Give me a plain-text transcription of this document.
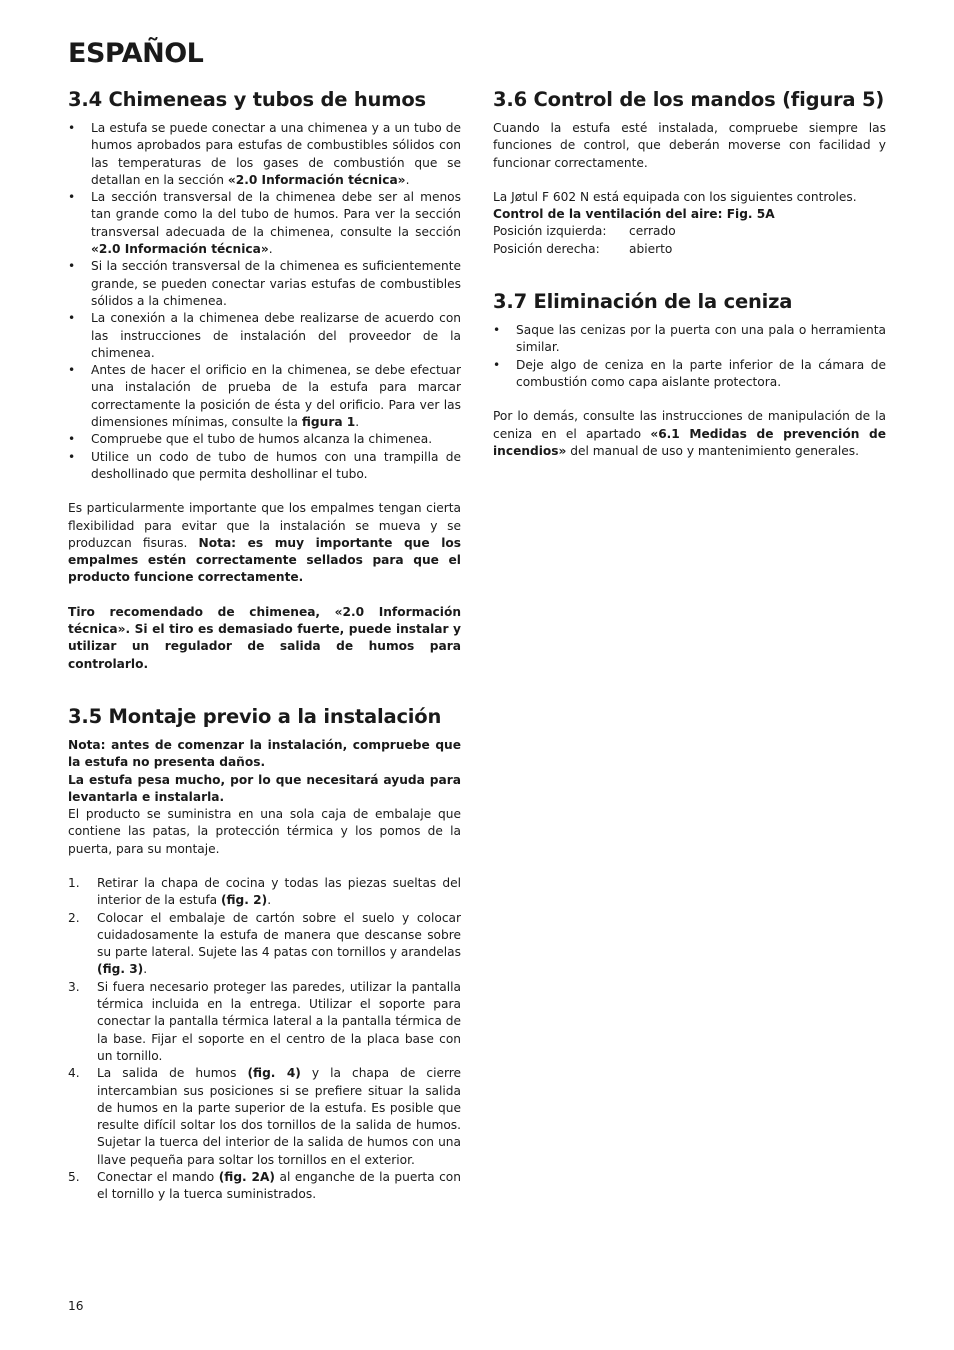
ESPAÑOL
3.4 Chimeneas y tubos de humos
• La estufa se puede conectar a una chimenea y a un tubo de humos aprobados para estufas de combustibles sólidos con las temperaturas de los gases de combustión que se detallan en la sección «2.0 Información técnica».
• La sección transversal de la chimenea debe ser al menos tan grande como la del tubo de humos. Para ver la sección transversal adecuada de la chimenea, consulte la sección «2.0 Información técnica».
• Si la sección transversal de la chimenea es suficientemente grande, se pueden conectar varias estufas de combustibles sólidos a la chimenea.
• La conexión a la chimenea debe realizarse de acuerdo con las instrucciones de instalación del proveedor de la chimenea.
• Antes de hacer el orificio en la chimenea, se debe efectuar una instalación de prueba de la estufa para marcar correctamente la posición de ésta y del orificio. Para ver las dimensiones mínimas, consulte la figura 1.
• Compruebe que el tubo de humos alcanza la chimenea.
• Utilice un codo de tubo de humos con una trampilla de deshollinado que permita deshollinar el tubo.

Es particularmente importante que los empalmes tengan cierta flexibilidad para evitar que la instalación se mueva y se produzcan fisuras. Nota: es muy importante que los empalmes estén correctamente sellados para que el producto funcione correctamente.

Tiro recomendado de chimenea, «2.0 Información técnica». Si el tiro es demasiado fuerte, puede instalar y utilizar un regulador de salida de humos para controlarlo.

3.5 Montaje previo a la instalación

Nota: antes de comenzar la instalación, compruebe que la estufa no presenta daños.

La estufa pesa mucho, por lo que necesitará ayuda para levantarla e instalarla.

El producto se suministra en una sola caja de embalaje que contiene las patas, la protección térmica y los pomos de la puerta, para su montaje.

1. Retirar la chapa de cocina y todas las piezas sueltas del interior de la estufa (fig. 2).
2. Colocar el embalaje de cartón sobre el suelo y colocar cuidadosamente la estufa de manera que descanse sobre su parte lateral. Sujete las 4 patas con tornillos y arandelas (fig. 3).
3. Si fuera necesario proteger las paredes, utilizar la pantalla térmica incluida en la entrega. Utilizar el soporte para conectar la pantalla térmica lateral a la pantalla térmica de la base. Fijar el soporte en el centro de la placa base con un tornillo.
4. La salida de humos (fig. 4) y la chapa de cierre intercambian sus posiciones si se prefiere situar la salida de humos en la parte superior de la estufa. Es posible que resulte difícil soltar los dos tornillos de la salida de humos. Sujetar la tuerca del interior de la salida de humos con una llave pequeña para soltar los tornillos en el exterior.
5. Conectar el mando (fig. 2A) al enganche de la puerta con el tornillo y la tuerca suministrados.
3.6 Control de los mandos (figura 5)

Cuando la estufa esté instalada, compruebe siempre las funciones de control, que deberán moverse con facilidad y funcionar correctamente.

La Jøtul F 602 N está equipada con los siguientes controles.

Control de la ventilación del aire: Fig. 5A

Posición izquierda:	cerrado
Posición derecha:	abierto
3.7 Eliminación de la ceniza
• Saque las cenizas por la puerta con una pala o herramienta similar.
• Deje algo de ceniza en la parte inferior de la cámara de combustión como capa aislante protectora.

Por lo demás, consulte las instrucciones de manipulación de la ceniza en el apartado «6.1 Medidas de prevención de incendios» del manual de uso y mantenimiento generales.

16
